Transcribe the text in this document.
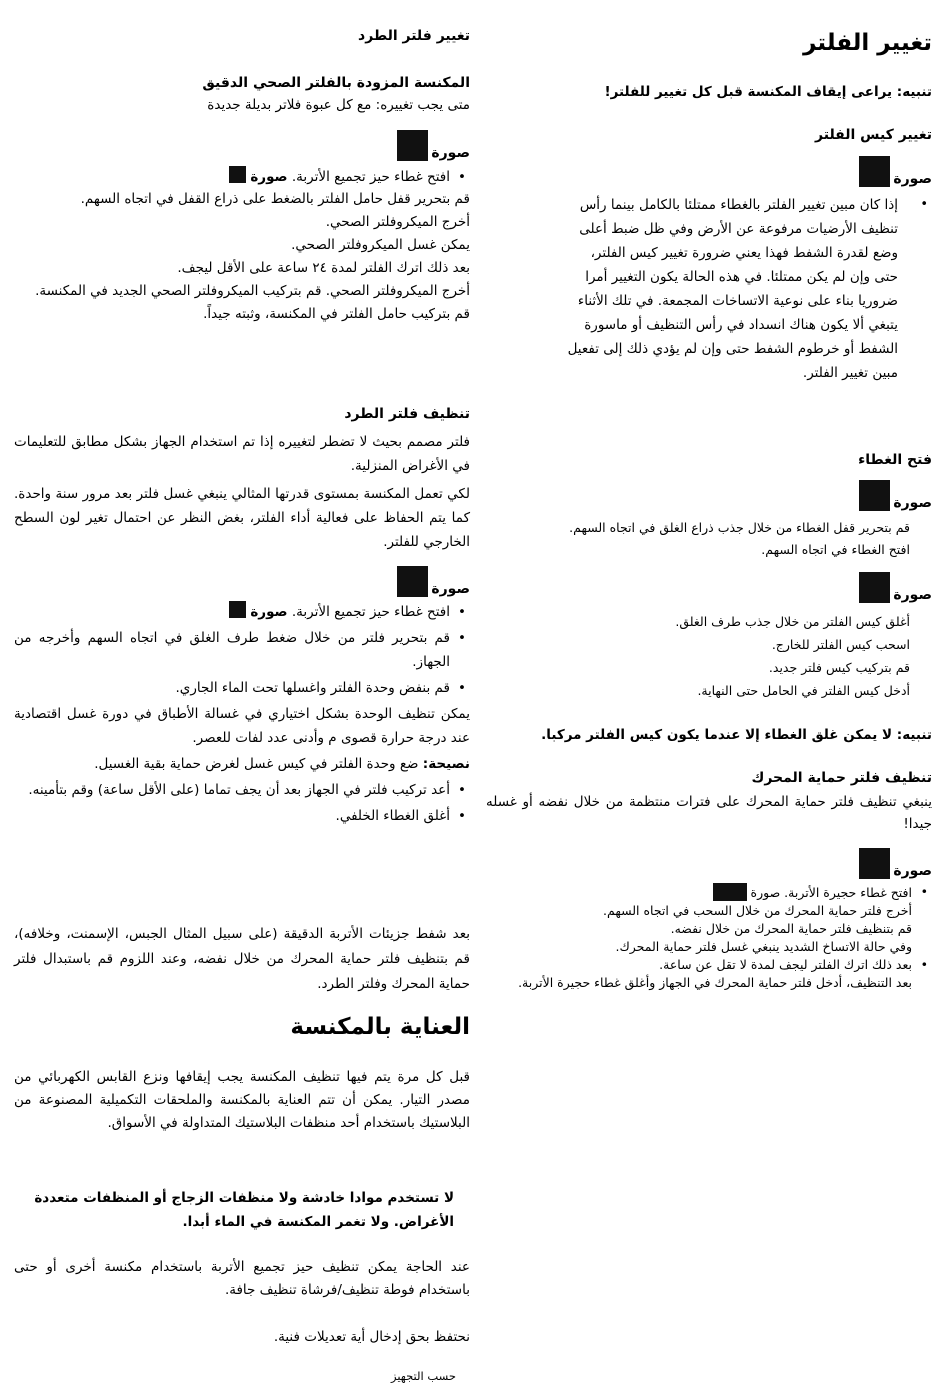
تغيير الفلتر
تنبيه: يراعى إيقاف المكنسة قبل كل تغيير للفلتر!
تغيير كيس الفلتر
صورة
• إذا كان مبين تغيير الفلتر بالغطاء ممتلئا بالكامل بينما رأس تنظيف الأرضيات مرفوعة عن الأرض وفي ظل ضبط أعلى وضع لقدرة الشفط فهذا يعني ضرورة تغيير كيس الفلتر، حتى وإن لم يكن ممتلئا. في هذه الحالة يكون التغيير أمرا ضروريا بناء على نوعية الاتساخات المجمعة. في تلك الأثناء يتبغي ألا يكون هناك انسداد في رأس التنظيف أو ماسورة الشفط أو خرطوم الشفط حتى وإن لم يؤدي ذلك إلى تفعيل مبين تغيير الفلتر.
فتح الغطاء
صورة
قم بتحرير قفل الغطاء من خلال جذب ذراع الغلق في اتجاه السهم.
افتح الغطاء في اتجاه السهم.
صورة
أغلق كيس الفلتر من خلال جذب طرف الغلق.
اسحب كيس الفلتر للخارج.
قم بتركيب كيس فلتر جديد.
أدخل كيس الفلتر في الحامل حتى النهاية.
تنبيه: لا يمكن غلق الغطاء إلا عندما يكون كيس الفلتر مركبا.
تنظيف فلتر حماية المحرك
ينبغي تنظيف فلتر حماية المحرك على فترات منتظمة من خلال نفضه أو غسله جيدا!
صورة
•
افتح غطاء حجيرة الأتربة. صورة
أخرج فلتر حماية المحرك من خلال السحب في اتجاه السهم.
قم بتنظيف فلتر حماية المحرك من خلال نفضه.
وفي حالة الاتساخ الشديد ينبغي غسل فلتر حماية المحرك.
•
بعد ذلك اترك الفلتر ليجف لمدة لا تقل عن ساعة.
بعد التنظيف، أدخل فلتر حماية المحرك في الجهاز وأغلق غطاء حجيرة الأتربة.
تغيير فلتر الطرد
المكنسة المزودة بالفلتر الصحي الدقيق
متى يجب تغييره: مع كل عبوة فلاتر بديلة جديدة
صورة
•
افتح غطاء حيز تجميع الأتربة. صورة
قم بتحرير قفل حامل الفلتر بالضغط على ذراع القفل في اتجاه السهم.
أخرج الميكروفلتر الصحي.
يمكن غسل الميكروفلتر الصحي.
بعد ذلك اترك الفلتر لمدة ٢٤ ساعة على الأقل ليجف.
أخرج الميكروفلتر الصحي. قم بتركيب الميكروفلتر الصحي الجديد في المكنسة.
قم بتركيب حامل الفلتر في المكنسة، وثبته جيداً.
تنظيف فلتر الطرد
فلتر مصمم بحيث لا تضطر لتغييره إذا تم استخدام الجهاز بشكل مطابق للتعليمات في الأغراض المنزلية.
لكي تعمل المكنسة بمستوى قدرتها المثالي ينبغي غسل فلتر بعد مرور سنة واحدة. كما يتم الحفاظ على فعالية أداء الفلتر، بغض النظر عن احتمال تغير لون السطح الخارجي للفلتر.
صورة
•
افتح غطاء حيز تجميع الأتربة. صورة
•
قم بتحرير فلتر من خلال ضغط طرف الغلق في اتجاه السهم وأخرجه من الجهاز.
•
قم بنفض وحدة الفلتر واغسلها تحت الماء الجاري.
يمكن تنظيف الوحدة بشكل اختياري في غسالة الأطباق في دورة غسل اقتصادية عند درجة حرارة قصوى م وأدنى عدد لفات للعصر.
نصيحة: ضع وحدة الفلتر في كيس غسل لغرض حماية بقية الغسيل.
•
أعد تركيب فلتر في الجهاز بعد أن يجف تماما (على الأقل ساعة) وقم بتأمينه.
•
أغلق الغطاء الخلفي.
بعد شفط جزيئات الأتربة الدقيقة (على سبيل المثال الجبس، الإسمنت، وخلافه)، قم بتنظيف فلتر حماية المحرك من خلال نفضه، وعند اللزوم قم باستبدال فلتر حماية المحرك وفلتر الطرد.
العناية بالمكنسة
قبل كل مرة يتم فيها تنظيف المكنسة يجب إيقافها ونزع القابس الكهربائي من مصدر التيار. يمكن أن تتم العناية بالمكنسة والملحقات التكميلية المصنوعة من البلاستيك باستخدام أحد منظفات البلاستيك المتداولة في الأسواق.
لا تستخدم موادا خادشة ولا منظفات الزجاج أو المنظفات متعددة الأغراض. ولا تغمر المكنسة في الماء أبدا.
عند الحاجة يمكن تنظيف حيز تجميع الأتربة باستخدام مكنسة أخرى أو حتى باستخدام فوطة تنظيف/فرشاة تنظيف جافة.
نحتفظ بحق إدخال أية تعديلات فنية.
حسب التجهيز
